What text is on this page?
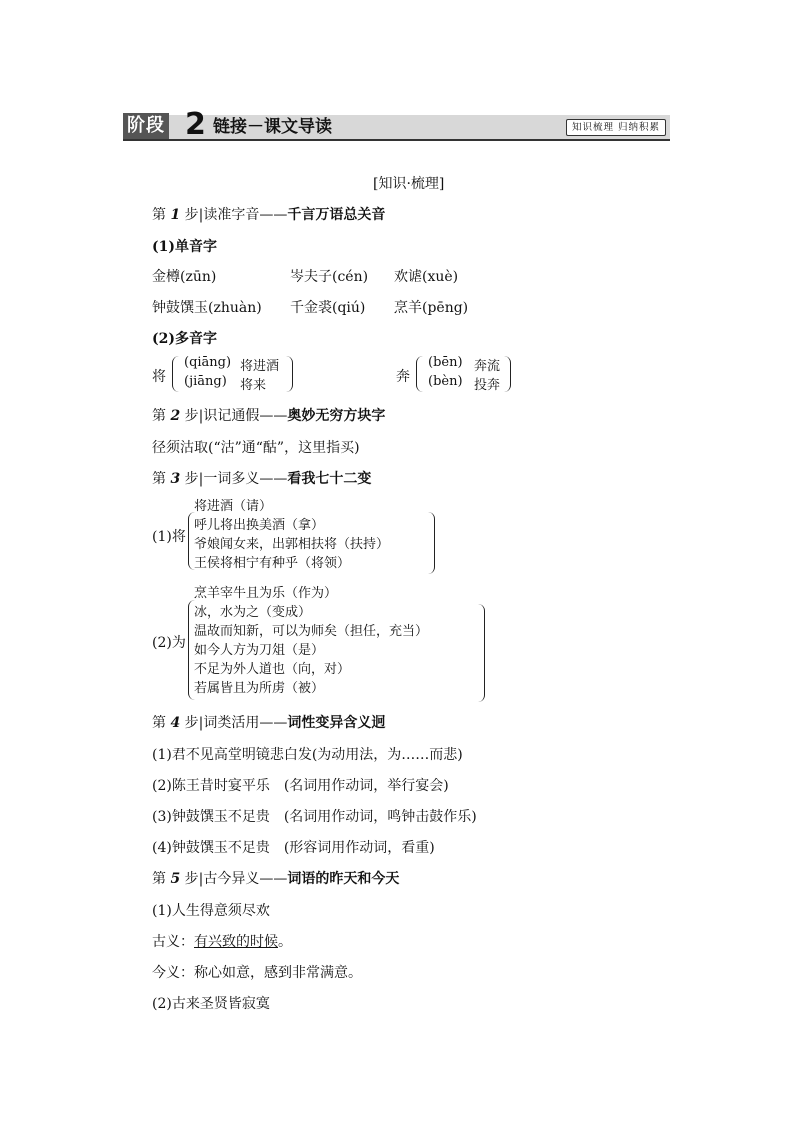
阶段 2 链接－课文导读	知识梳理 归纳积累
[知识·梳理]
第 1 步|读准字音——千言万语总关音
(1)单音字
金樽(zūn)	岑夫子(cén) 欢谑(xuè)
钟鼓馔玉(zhuàn) 千金裘(qiú) 烹羊(pēng)
(2)多音字
将
(qiāng) 将进酒
(jiāng) 将来
奔
(bēn) 奔流
(bèn) 投奔
第 2 步|识记通假——奥妙无穷方块字
径须沽取(“沽”通“酤”，这里指买)
第 3 步|一词多义——看我七十二变
(1)将
将进酒（请）
呼儿将出换美酒（拿）
爷娘闻女来，出郭相扶将（扶持）
王侯将相宁有种乎（将领）
(2)为
烹羊宰牛且为乐（作为）
冰，水为之（变成）
温故而知新，可以为师矣（担任，充当）
如今人方为刀俎（是）
不足为外人道也（向，对）
若属皆且为所虏（被）
第 4 步|词类活用——词性变异含义迥
(1)君不见高堂明镜悲白发(为动用法，为……而悲)
(2)陈王昔时宴平乐　(名词用作动词，举行宴会)
(3)钟鼓馔玉不足贵　(名词用作动词，鸣钟击鼓作乐)
(4)钟鼓馔玉不足贵　(形容词用作动词，看重)
第 5 步|古今异义——词语的昨天和今天
(1)人生得意须尽欢
古义：有兴致的时候。
今义：称心如意，感到非常满意。
(2)古来圣贤皆寂寞
